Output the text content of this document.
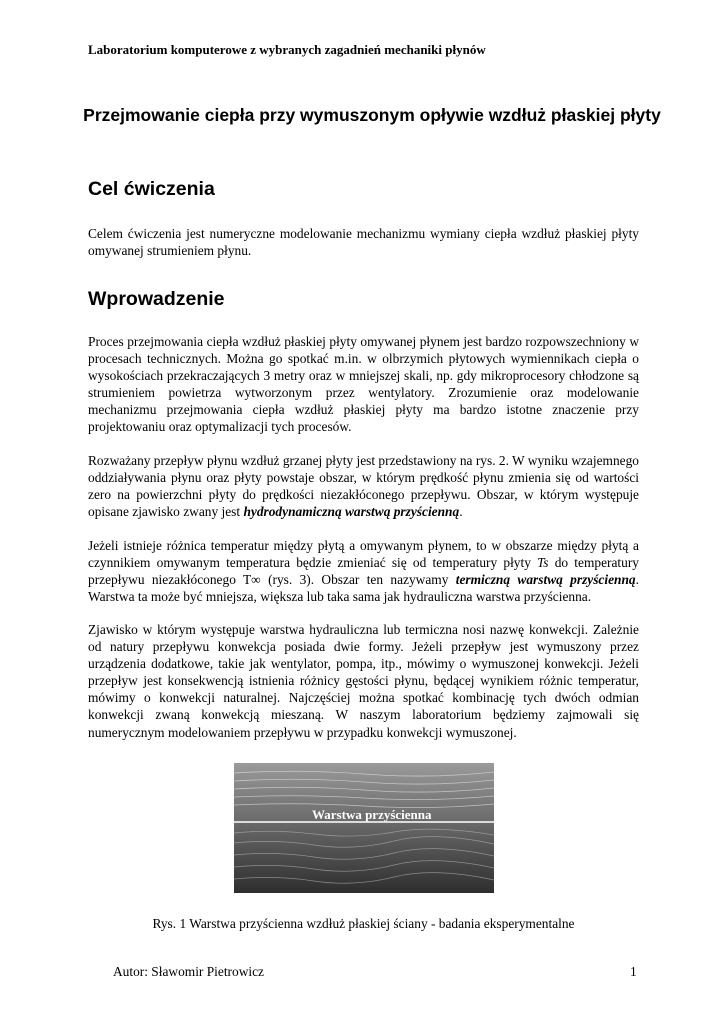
Laboratorium komputerowe z wybranych zagadnień mechaniki płynów
Przejmowanie ciepła przy wymuszonym opływie wzdłuż płaskiej płyty
Cel ćwiczenia

Celem ćwiczenia jest numeryczne modelowanie mechanizmu wymiany ciepła wzdłuż płaskiej płyty omywanej strumieniem płynu.

Wprowadzenie

Proces przejmowania ciepła wzdłuż płaskiej płyty omywanej płynem jest bardzo rozpowszechniony w procesach technicznych. Można go spotkać m.in. w olbrzymich płytowych wymiennikach ciepła o wysokościach przekraczających 3 metry oraz w mniejszej skali, np. gdy mikroprocesory chłodzone są strumieniem powietrza wytworzonym przez wentylatory. Zrozumienie oraz modelowanie mechanizmu przejmowania ciepła wzdłuż płaskiej płyty ma bardzo istotne znaczenie przy projektowaniu oraz optymalizacji tych procesów.

Rozważany przepływ płynu wzdłuż grzanej płyty jest przedstawiony na rys. 2. W wyniku wzajemnego oddziaływania płynu oraz płyty powstaje obszar, w którym prędkość płynu zmienia się od wartości zero na powierzchni płyty do prędkości niezakłóconego przepływu. Obszar, w którym występuje opisane zjawisko zwany jest hydrodynamiczną warstwą przyścienną.

Jeżeli istnieje różnica temperatur między płytą a omywanym płynem, to w obszarze między płytą a czynnikiem omywanym temperatura będzie zmieniać się od temperatury płyty Ts do temperatury przepływu niezakłóconego T∞ (rys. 3). Obszar ten nazywamy termiczną warstwą przyścienną. Warstwa ta może być mniejsza, większa lub taka sama jak hydrauliczna warstwa przyścienna.

Zjawisko w którym występuje warstwa hydrauliczna lub termiczna nosi nazwę konwekcji. Zależnie od natury przepływu konwekcja posiada dwie formy. Jeżeli przepływ jest wymuszony przez urządzenia dodatkowe, takie jak wentylator, pompa, itp., mówimy o wymuszonej konwekcji. Jeżeli przepływ jest konsekwencją istnienia różnicy gęstości płynu, będącej wynikiem różnic temperatur, mówimy o konwekcji naturalnej. Najczęściej można spotkać kombinację tych dwóch odmian konwekcji zwaną konwekcją mieszaną. W naszym laboratorium będziemy zajmowali się numerycznym modelowaniem przepływu w przypadku konwekcji wymuszonej.

Warstwa przyścienna
Rys. 1 Warstwa przyścienna wzdłuż płaskiej ściany - badania eksperymentalne
Autor: Sławomir Pietrowicz	1
